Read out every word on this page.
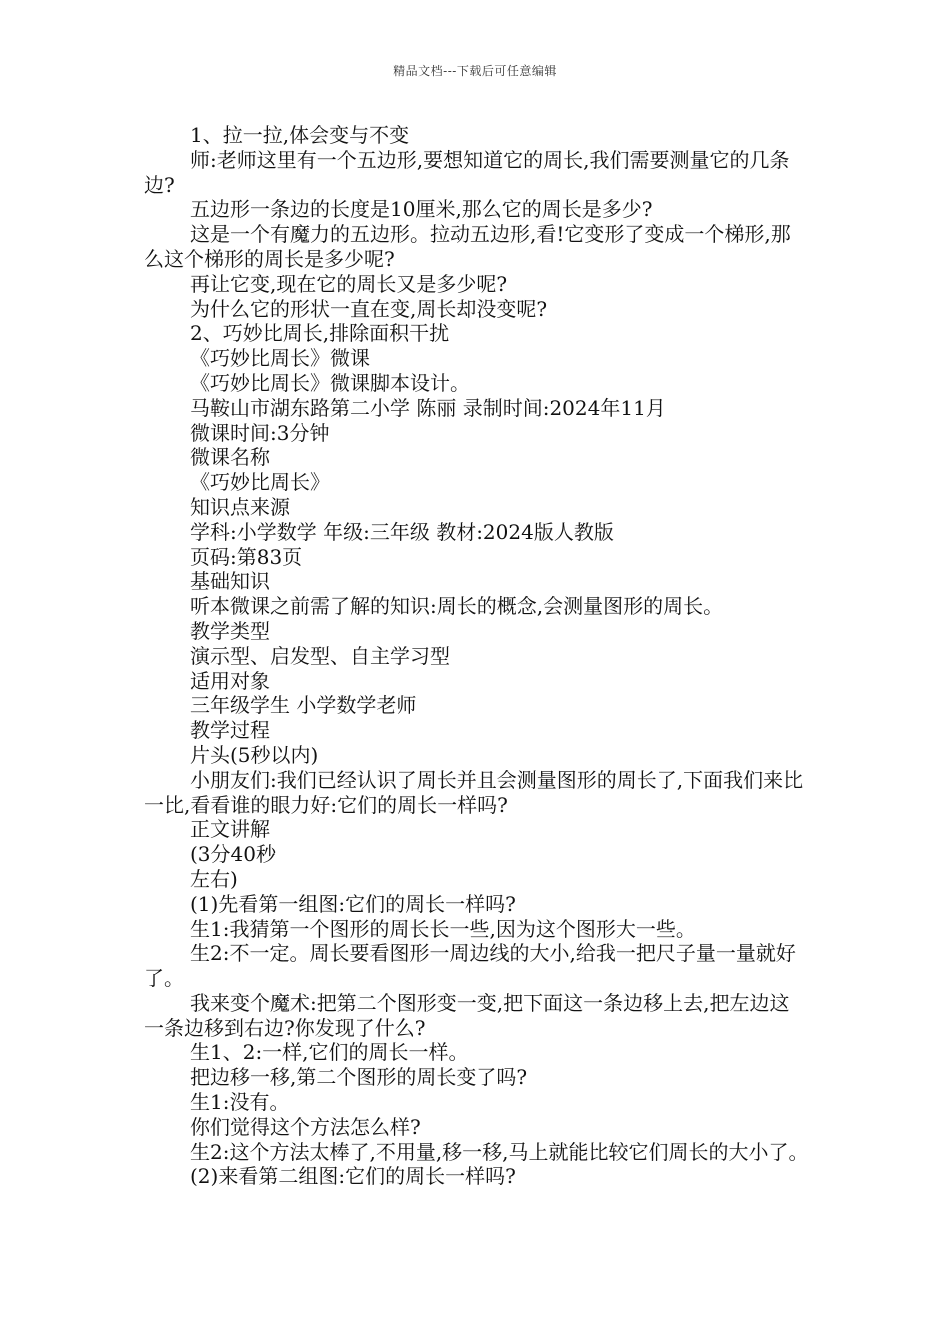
精品文档---下载后可任意编辑

1、拉一拉,体会变与不变

师:老师这里有一个五边形,要想知道它的周长,我们需要测量它的几条边?

五边形一条边的长度是10厘米,那么它的周长是多少?

这是一个有魔力的五边形。拉动五边形,看!它变形了变成一个梯形,那么这个梯形的周长是多少呢?

再让它变,现在它的周长又是多少呢?

为什么它的形状一直在变,周长却没变呢?

2、巧妙比周长,排除面积干扰

《巧妙比周长》微课

《巧妙比周长》微课脚本设计。

马鞍山市湖东路第二小学 陈丽 录制时间:2024年11月

微课时间:3分钟

微课名称

《巧妙比周长》

知识点来源

学科:小学数学 年级:三年级 教材:2024版人教版

页码:第83页

基础知识

听本微课之前需了解的知识:周长的概念,会测量图形的周长。

教学类型

演示型、启发型、自主学习型

适用对象

三年级学生 小学数学老师

教学过程

片头(5秒以内)

小朋友们:我们已经认识了周长并且会测量图形的周长了,下面我们来比一比,看看谁的眼力好:它们的周长一样吗?

正文讲解

(3分40秒

左右)

(1)先看第一组图:它们的周长一样吗?

生1:我猜第一个图形的周长长一些,因为这个图形大一些。

生2:不一定。周长要看图形一周边线的大小,给我一把尺子量一量就好了。

我来变个魔术:把第二个图形变一变,把下面这一条边移上去,把左边这一条边移到右边?你发现了什么?

生1、2:一样,它们的周长一样。

把边移一移,第二个图形的周长变了吗?

生1:没有。

你们觉得这个方法怎么样?

生2:这个方法太棒了,不用量,移一移,马上就能比较它们周长的大小了。

(2)来看第二组图:它们的周长一样吗?
